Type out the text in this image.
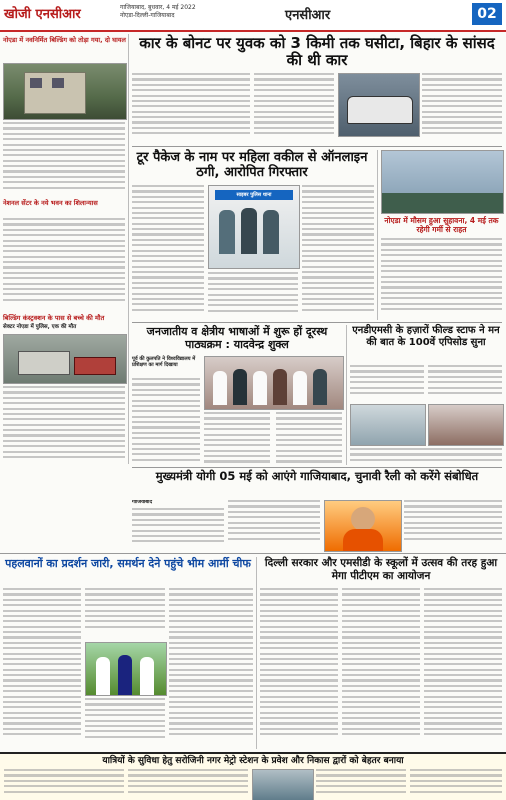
खोजी एनसीआर	गाजियाबाद, बुधवार, 4 मई 2022
नोएडा-दिल्ली-गाजियाबाद	एनसीआर	02
नोएडा में नवनिर्मित बिल्डिंग को तोड़ा गया, दो घायल
नेशनल सेंटर के नये भवन का शिलान्यास
बिल्डिंग कंस्ट्रक्शन के पास से बच्चे की मौत
सेक्टर नोएडा में पुलिस, एक की मौत
कार के बोनट पर युवक को 3 किमी तक घसीटा, बिहार के सांसद की थी कार
टूर पैकेज के नाम पर महिला वकील से ऑनलाइन ठगी, आरोपित गिरफ्तार
साइबर पुलिस थाना
नोएडा में मौसम हुआ सुहावना, 4 मई तक रहेगी गर्मी से राहत
जनजातीय व क्षेत्रीय भाषाओं में शुरू हों दूरस्थ पाठ्यक्रम : यादवेन्द्र शुक्ल
पूर्व की कुलपति ने विश्वविद्यालय में प्रशिक्षण का मार्ग दिखाया
एनडीएमसी के हज़ारों फील्ड स्टाफ ने मन की बात के 100वें एपिसोड सुना
मुख्यमंत्री योगी 05 मई को आएंगे गाजियाबाद, चुनावी रैली को करेंगे संबोधित
गाजियाबाद
पहलवानों का प्रदर्शन जारी, समर्थन देने पहुंचे भीम आर्मी चीफ	दिल्ली सरकार और एमसीडी के स्कूलों में उत्सव की तरह हुआ मेगा पीटीएम का आयोजन
यात्रियों के सुविधा हेतु सरोजिनी नगर मेट्रो स्टेशन के प्रवेश और निकास द्वारों को बेहतर बनाया
